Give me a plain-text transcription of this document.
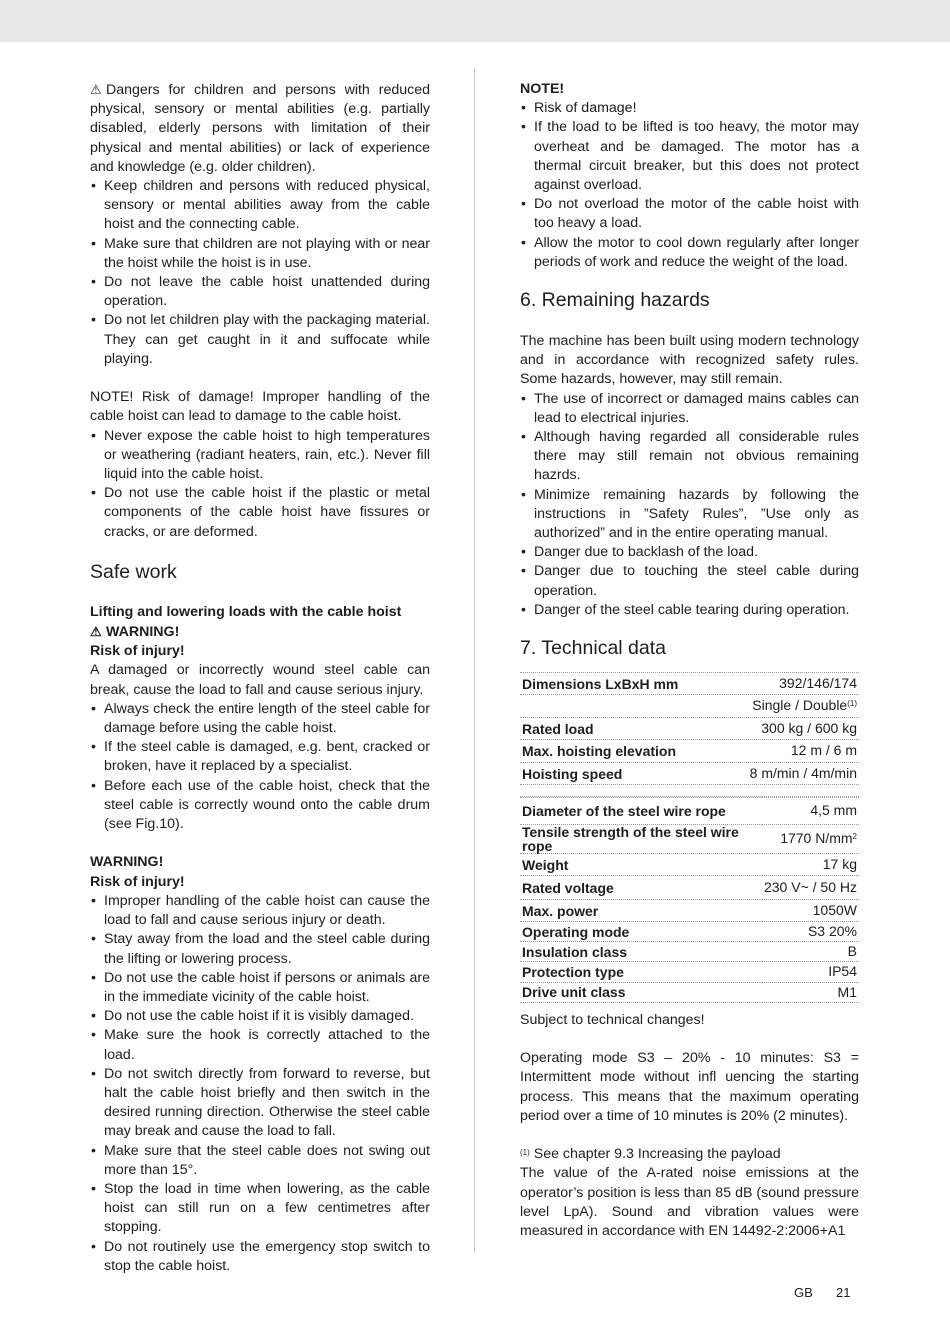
⚠ Dangers for children and persons with reduced physical, sensory or mental abilities (e.g. partially disabled, elderly persons with limitation of their physical and mental abilities) or lack of experience and knowledge (e.g. older children).

• Keep children and persons with reduced physical, sensory or mental abilities away from the cable hoist and the connecting cable.
• Make sure that children are not playing with or near the hoist while the hoist is in use.
• Do not leave the cable hoist unattended during operation.
• Do not let children play with the packaging material. They can get caught in it and suffocate while playing.

NOTE! Risk of damage! Improper handling of the cable hoist can lead to damage to the cable hoist.

• Never expose the cable hoist to high temperatures or weathering (radiant heaters, rain, etc.). Never fill liquid into the cable hoist.
• Do not use the cable hoist if the plastic or metal components of the cable hoist have fissures or cracks, or are deformed.
Safe work

Lifting and lowering loads with the cable hoist

⚠ WARNING!

Risk of injury!

A damaged or incorrectly wound steel cable can break, cause the load to fall and cause serious injury.

• Always check the entire length of the steel cable for damage before using the cable hoist.
• If the steel cable is damaged, e.g. bent, cracked or broken, have it replaced by a specialist.
• Before each use of the cable hoist, check that the steel cable is correctly wound onto the cable drum (see Fig.10).

WARNING!

Risk of injury!

• Improper handling of the cable hoist can cause the load to fall and cause serious injury or death.
• Stay away from the load and the steel cable during the lifting or lowering process.
• Do not use the cable hoist if persons or animals are in the immediate vicinity of the cable hoist.
• Do not use the cable hoist if it is visibly damaged.
• Make sure the hook is correctly attached to the load.
• Do not switch directly from forward to reverse, but halt the cable hoist briefly and then switch in the desired running direction. Otherwise the steel cable may break and cause the load to fall.
• Make sure that the steel cable does not swing out more than 15°.
• Stop the load in time when lowering, as the cable hoist can still run on a few centimetres after stopping.
• Do not routinely use the emergency stop switch to stop the cable hoist.

NOTE!

• Risk of damage!
• If the load to be lifted is too heavy, the motor may overheat and be damaged. The motor has a thermal circuit breaker, but this does not protect against overload.
• Do not overload the motor of the cable hoist with too heavy a load.
• Allow the motor to cool down regularly after longer periods of work and reduce the weight of the load.
6. Remaining hazards

The machine has been built using modern technology and in accordance with recognized safety rules. Some hazards, however, may still remain.

• The use of incorrect or damaged mains cables can lead to electrical injuries.
• Although having regarded all considerable rules there may still remain not obvious remaining hazrds.
• Minimize remaining hazards by following the instructions in ”Safety Rules”, ”Use only as authorized” and in the entire operating manual.
• Danger due to backlash of the load.
• Danger due to touching the steel cable during operation.
• Danger of the steel cable tearing during operation.
7. Technical data
Dimensions LxBxH mm	392/146/174
	Single / Double$^{(1)}$
Rated load	300 kg / 600 kg
Max. hoisting elevation	12 m / 6 m
Hoisting speed	8 m/min / 4m/min
Diameter of the steel wire rope	4,5 mm
Tensile strength of the steel wire rope	1770 $N/mm^2$
Weight	17 kg
Rated voltage	230 V~ / 50 Hz
Max. power	1050W
Operating mode	S3 20%
Insulation class	B
Protection type	IP54
Drive unit class	M1

Subject to technical changes!

Operating mode S3 – 20% - 10 minutes: S3 = Intermittent mode without infl uencing the starting process. This means that the maximum operating period over a time of 10 minutes is 20% (2 minutes).

$^{(1)}$ See chapter 9.3 Increasing the payload

The value of the A-rated noise emissions at the operator’s position is less than 85 dB (sound pressure level LpA). Sound and vibration values were measured in accordance with EN 14492-2:2006+A1

GB 21
